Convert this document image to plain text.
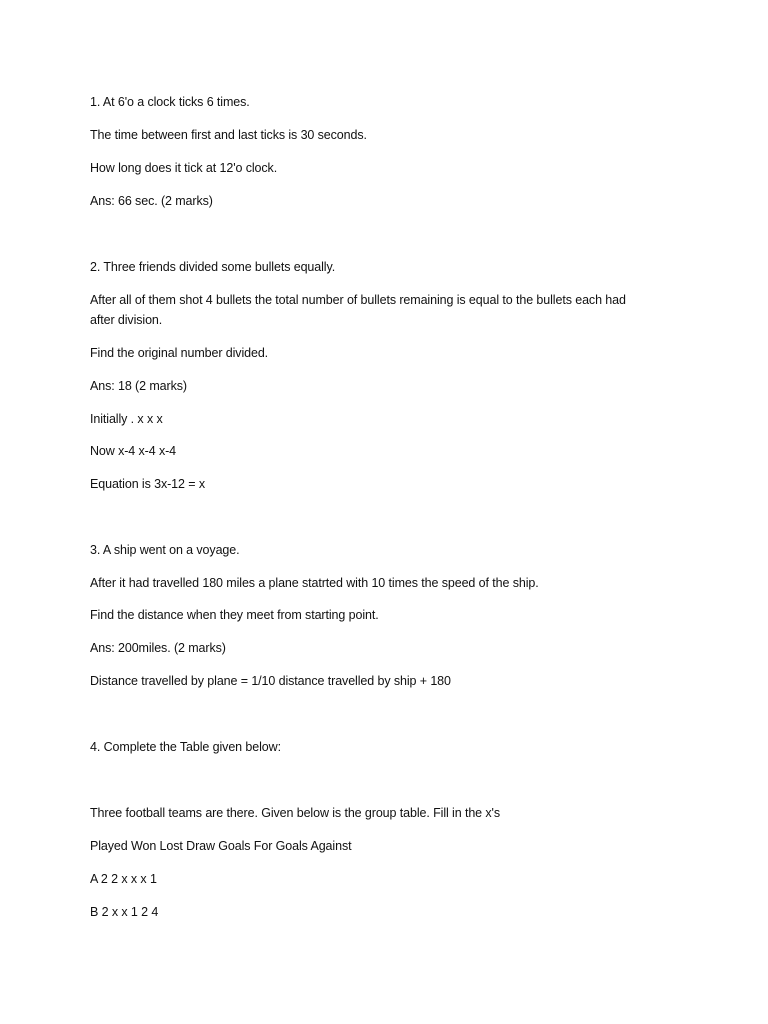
1. At 6'o a clock ticks 6 times.
The time between first and last ticks is 30 seconds.
How long does it tick at 12'o clock.
Ans: 66 sec. (2 marks)
2. Three friends divided some bullets equally.
After all of them shot 4 bullets the total number of bullets remaining is equal to the bullets each had
after division.
Find the original number divided.
Ans: 18 (2 marks)
Initially . x x x
Now x-4 x-4 x-4
Equation is 3x-12 = x
3. A ship went on a voyage.
After it had travelled 180 miles a plane statrted with 10 times the speed of the ship.
Find the distance when they meet from starting point.
Ans: 200miles. (2 marks)
Distance travelled by plane = 1/10 distance travelled by ship + 180
4. Complete the Table given below:
Three football teams are there. Given below is the group table. Fill in the x's
Played Won Lost Draw Goals For Goals Against
A 2 2 x x x 1
B 2 x x 1 2 4
